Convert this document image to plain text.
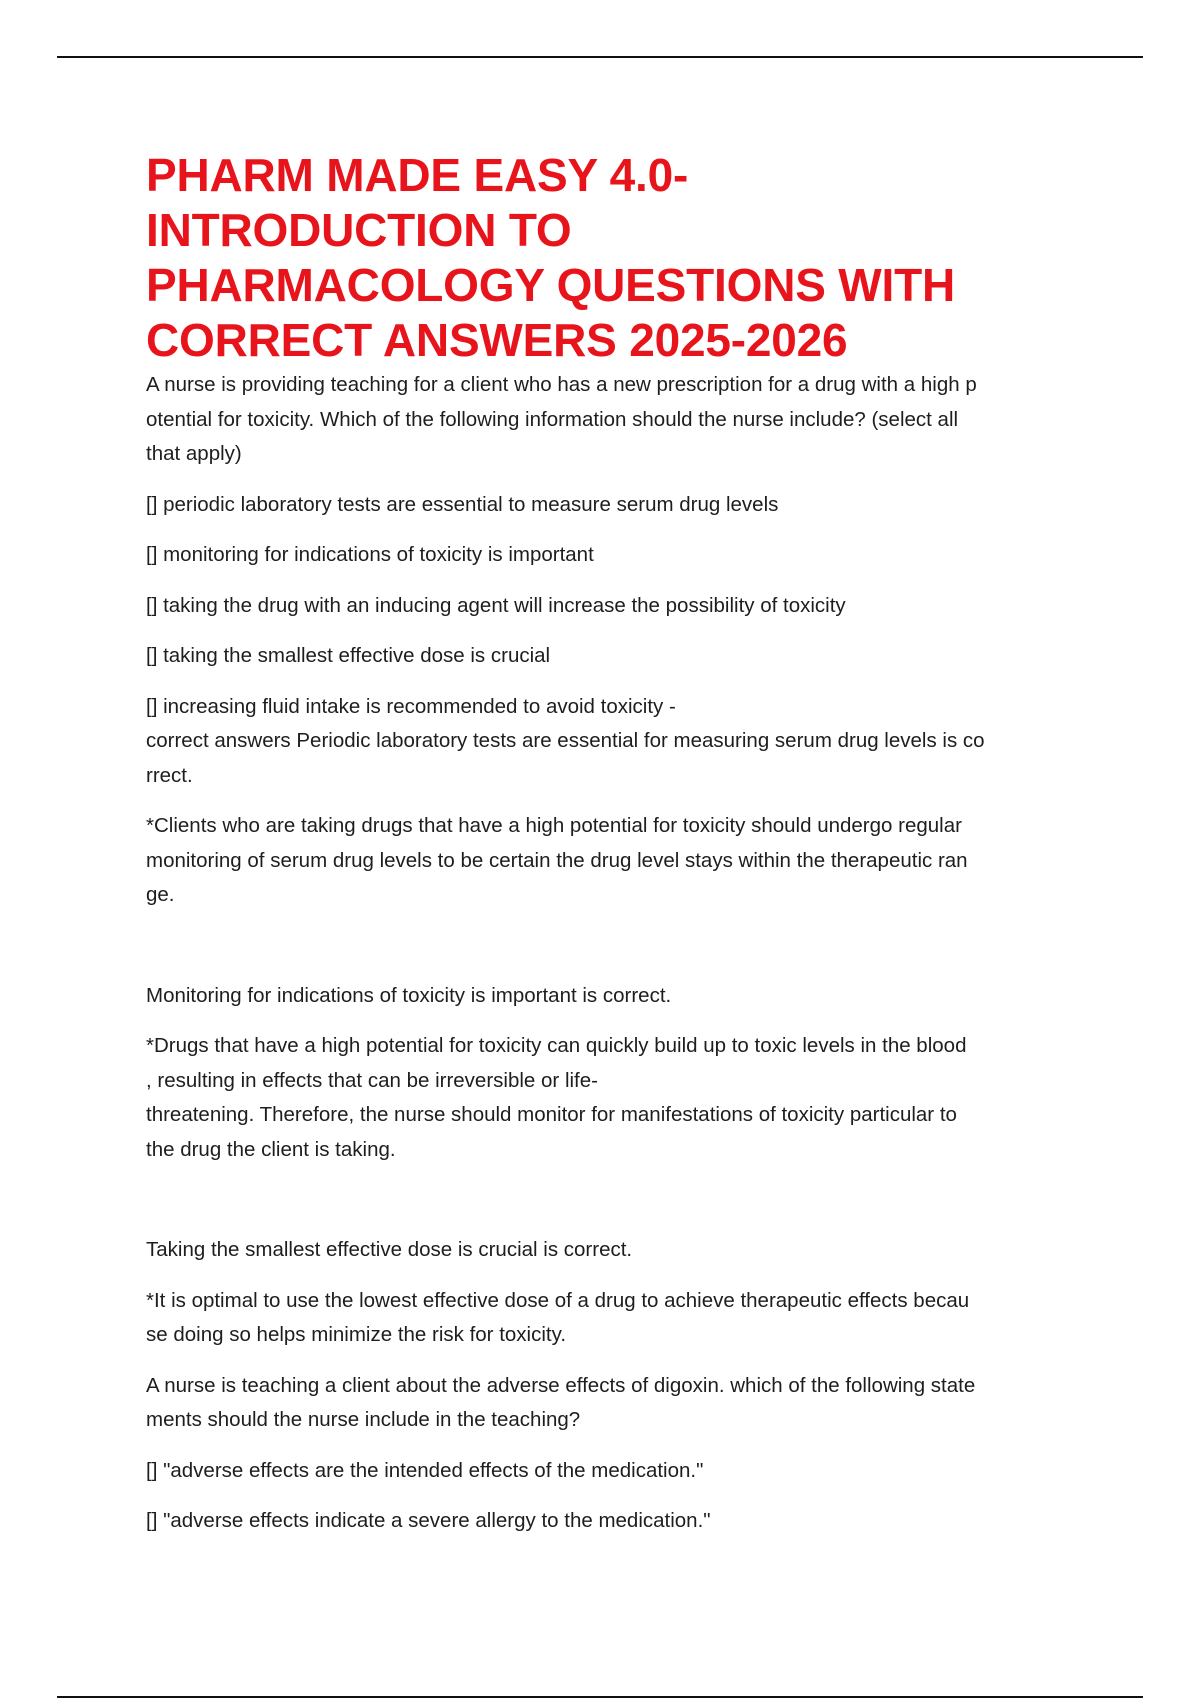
PHARM MADE EASY 4.0-
INTRODUCTION TO
PHARMACOLOGY QUESTIONS WITH
CORRECT ANSWERS 2025-2026

A nurse is providing teaching for a client who has a new prescription for a drug with a high p
otential for toxicity. Which of the following information should the nurse include? (select all
that apply)

[] periodic laboratory tests are essential to measure serum drug levels

[] monitoring for indications of toxicity is important

[] taking the drug with an inducing agent will increase the possibility of toxicity

[] taking the smallest effective dose is crucial

[] increasing fluid intake is recommended to avoid toxicity -
correct answers Periodic laboratory tests are essential for measuring serum drug levels is co
rrect.

*Clients who are taking drugs that have a high potential for toxicity should undergo regular
monitoring of serum drug levels to be certain the drug level stays within the therapeutic ran
ge.

Monitoring for indications of toxicity is important is correct.

*Drugs that have a high potential for toxicity can quickly build up to toxic levels in the blood
, resulting in effects that can be irreversible or life-
threatening. Therefore, the nurse should monitor for manifestations of toxicity particular to
the drug the client is taking.

Taking the smallest effective dose is crucial is correct.

*It is optimal to use the lowest effective dose of a drug to achieve therapeutic effects becau
se doing so helps minimize the risk for toxicity.

A nurse is teaching a client about the adverse effects of digoxin. which of the following state
ments should the nurse include in the teaching?

[] "adverse effects are the intended effects of the medication."

[] "adverse effects indicate a severe allergy to the medication."
